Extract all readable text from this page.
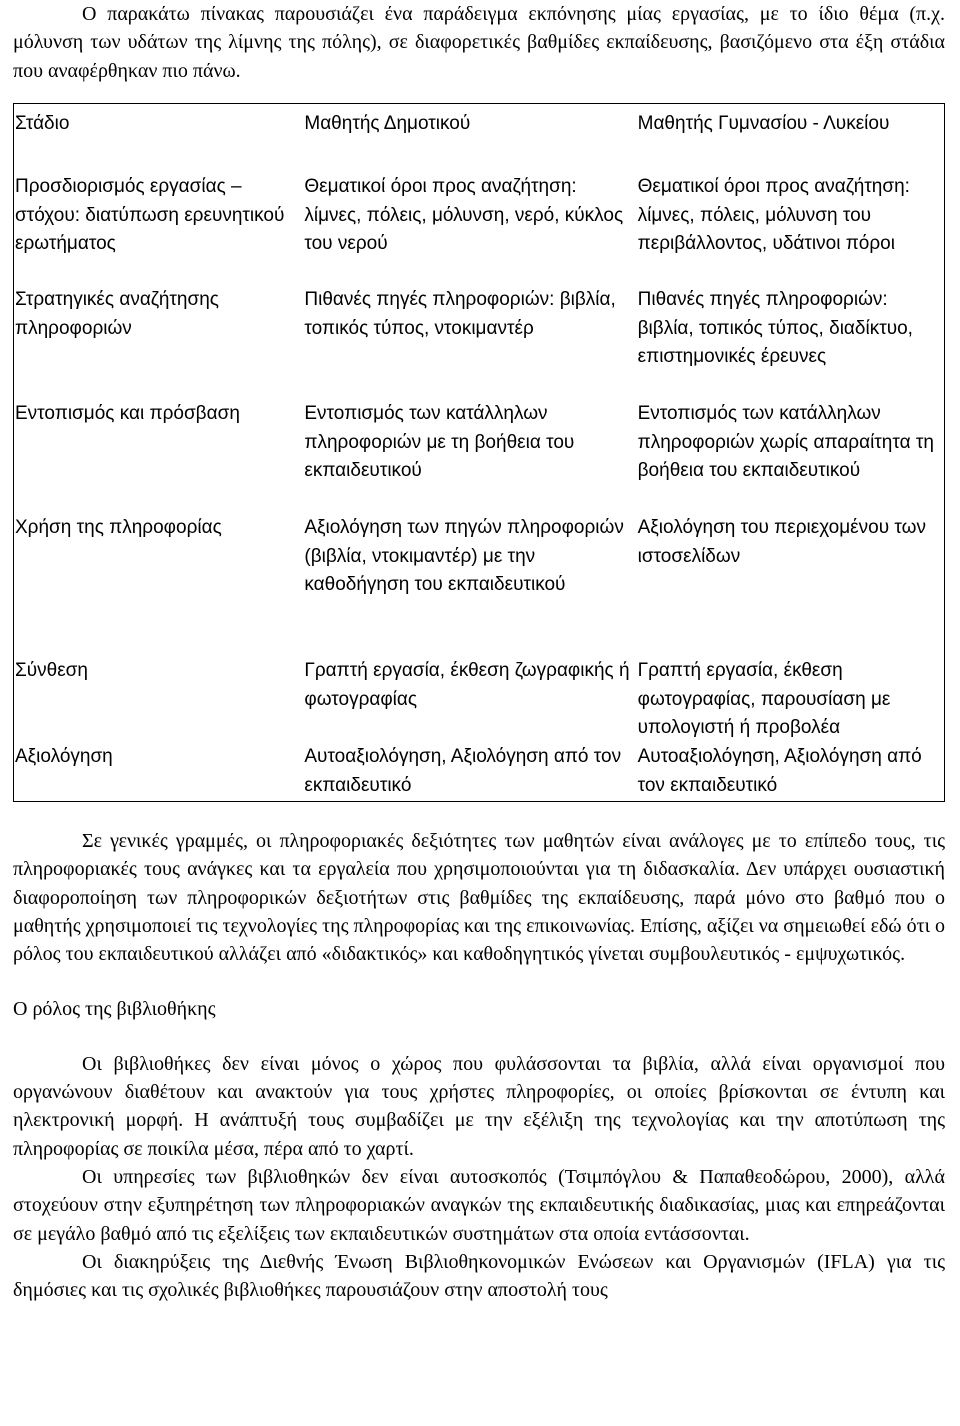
Ο παρακάτω πίνακας παρουσιάζει ένα παράδειγμα εκπόνησης μίας εργασίας, με το ίδιο θέμα (π.χ. μόλυνση των υδάτων της λίμνης της πόλης), σε διαφορετικές βαθμίδες εκπαίδευσης, βασιζόμενο στα έξη στάδια που αναφέρθηκαν πιο πάνω.

Στάδιο	Μαθητής Δημοτικού	Μαθητής Γυμνασίου - Λυκείου
Προσδιορισμός εργασίας – στόχου: διατύπωση ερευνητικού ερωτήματος	Θεματικοί όροι προς αναζήτηση: λίμνες, πόλεις, μόλυνση, νερό, κύκλος του νερού	Θεματικοί όροι προς αναζήτηση: λίμνες, πόλεις, μόλυνση του περιβάλλοντος, υδάτινοι πόροι
Στρατηγικές αναζήτησης πληροφοριών	Πιθανές πηγές πληροφοριών: βιβλία, τοπικός τύπος, ντοκιμαντέρ	Πιθανές πηγές πληροφοριών: βιβλία, τοπικός τύπος, διαδίκτυο, επιστημονικές έρευνες
Εντοπισμός και πρόσβαση	Εντοπισμός των κατάλληλων πληροφοριών με τη βοήθεια του εκπαιδευτικού	Εντοπισμός των κατάλληλων πληροφοριών χωρίς απαραίτητα τη βοήθεια του εκπαιδευτικού
Χρήση της πληροφορίας	Αξιολόγηση των πηγών πληροφοριών (βιβλία, ντοκιμαντέρ) με την καθοδήγηση του εκπαιδευτικού	Αξιολόγηση του περιεχομένου των ιστοσελίδων
Σύνθεση	Γραπτή εργασία, έκθεση ζωγραφικής ή φωτογραφίας	Γραπτή εργασία, έκθεση φωτογραφίας, παρουσίαση με υπολογιστή ή προβολέα
Αξιολόγηση	Αυτοαξιολόγηση, Αξιολόγηση από τον εκπαιδευτικό	Αυτοαξιολόγηση, Αξιολόγηση από τον εκπαιδευτικό

Σε γενικές γραμμές, οι πληροφοριακές δεξιότητες των μαθητών είναι ανάλογες με το επίπεδο τους, τις πληροφοριακές τους ανάγκες και τα εργαλεία που χρησιμοποιούνται για τη διδασκαλία. Δεν υπάρχει ουσιαστική διαφοροποίηση των πληροφορικών δεξιοτήτων στις βαθμίδες της εκπαίδευσης, παρά μόνο στο βαθμό που ο μαθητής χρησιμοποιεί τις τεχνολογίες της πληροφορίας και της επικοινωνίας. Επίσης, αξίζει να σημειωθεί εδώ ότι ο ρόλος του εκπαιδευτικού αλλάζει από «διδακτικός» και καθοδηγητικός γίνεται συμβουλευτικός - εμψυχωτικός.

Ο ρόλος της βιβλιοθήκης

Οι βιβλιοθήκες δεν είναι μόνος ο χώρος που φυλάσσονται τα βιβλία, αλλά είναι οργανισμοί που οργανώνουν διαθέτουν και ανακτούν για τους χρήστες πληροφορίες, οι οποίες βρίσκονται σε έντυπη και ηλεκτρονική μορφή. Η ανάπτυξή τους συμβαδίζει με την εξέλιξη της τεχνολογίας και την αποτύπωση της πληροφορίας σε ποικίλα μέσα, πέρα από το χαρτί.

Οι υπηρεσίες των βιβλιοθηκών δεν είναι αυτοσκοπός (Τσιμπόγλου & Παπαθεοδώρου, 2000), αλλά στοχεύουν στην εξυπηρέτηση των πληροφοριακών αναγκών της εκπαιδευτικής διαδικασίας, μιας και επηρεάζονται σε μεγάλο βαθμό από τις εξελίξεις των εκπαιδευτικών συστημάτων στα οποία εντάσσονται.

Οι διακηρύξεις της Διεθνής Ένωση Βιβλιοθηκονομικών Ενώσεων και Οργανισμών (IFLA) για τις δημόσιες και τις σχολικές βιβλιοθήκες παρουσιάζουν στην αποστολή τους
